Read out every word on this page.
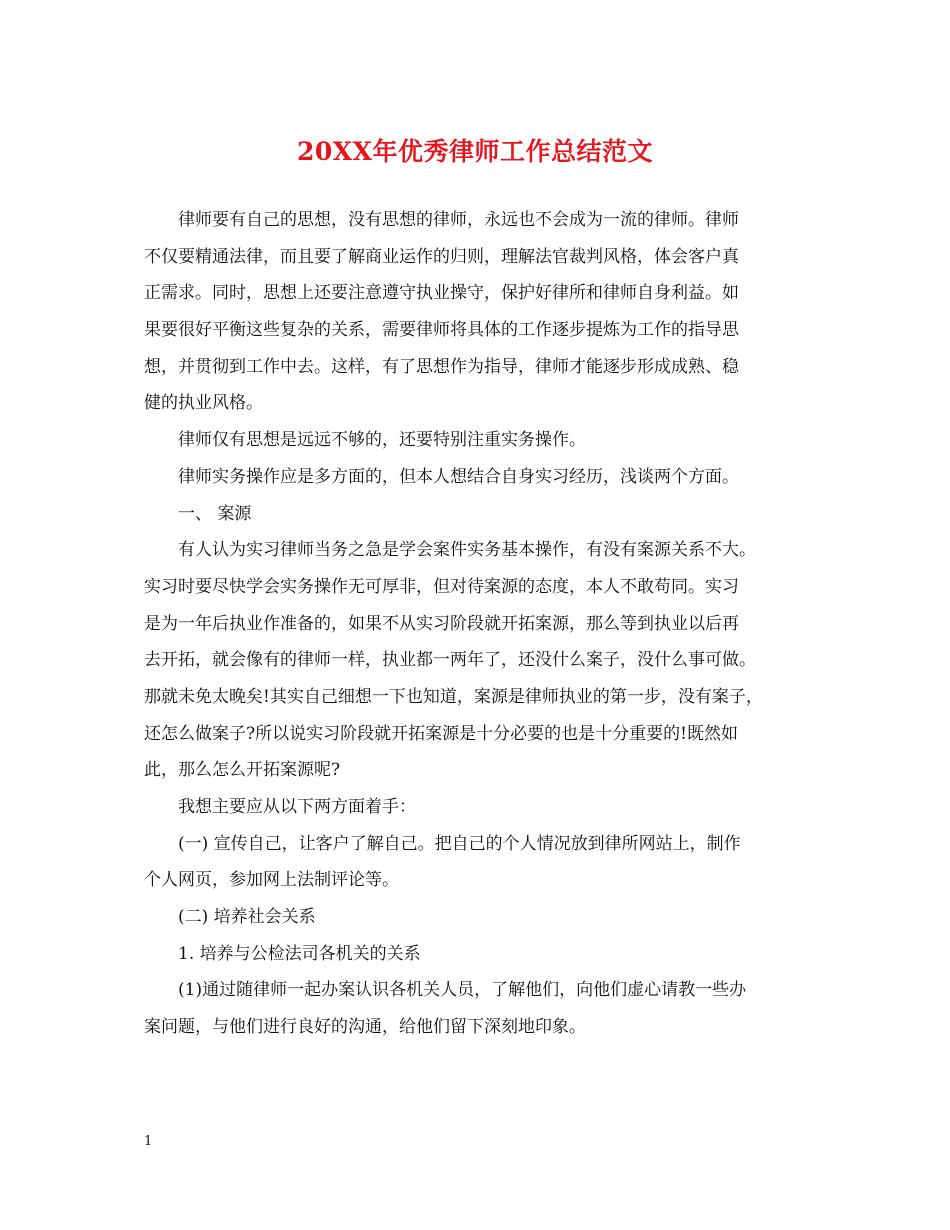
20XX年优秀律师工作总结范文
律师要有自己的思想，没有思想的律师，永远也不会成为一流的律师。律师
不仅要精通法律，而且要了解商业运作的归则，理解法官裁判风格，体会客户真
正需求。同时，思想上还要注意遵守执业操守，保护好律所和律师自身利益。如
果要很好平衡这些复杂的关系，需要律师将具体的工作逐步提炼为工作的指导思
想，并贯彻到工作中去。这样，有了思想作为指导，律师才能逐步形成成熟、稳
健的执业风格。
律师仅有思想是远远不够的，还要特别注重实务操作。
律师实务操作应是多方面的，但本人想结合自身实习经历，浅谈两个方面。
一、 案源
有人认为实习律师当务之急是学会案件实务基本操作，有没有案源关系不大。
实习时要尽快学会实务操作无可厚非，但对待案源的态度，本人不敢苟同。实习
是为一年后执业作准备的，如果不从实习阶段就开拓案源，那么等到执业以后再
去开拓，就会像有的律师一样，执业都一两年了，还没什么案子，没什么事可做。
那就未免太晚矣!其实自己细想一下也知道，案源是律师执业的第一步，没有案子，
还怎么做案子?所以说实习阶段就开拓案源是十分必要的也是十分重要的!既然如
此，那么怎么开拓案源呢?
我想主要应从以下两方面着手：
(一) 宣传自己，让客户了解自己。把自己的个人情况放到律所网站上，制作
个人网页，参加网上法制评论等。
(二) 培养社会关系
1. 培养与公检法司各机关的关系
(1)通过随律师一起办案认识各机关人员，了解他们，向他们虚心请教一些办
案问题，与他们进行良好的沟通，给他们留下深刻地印象。
1
